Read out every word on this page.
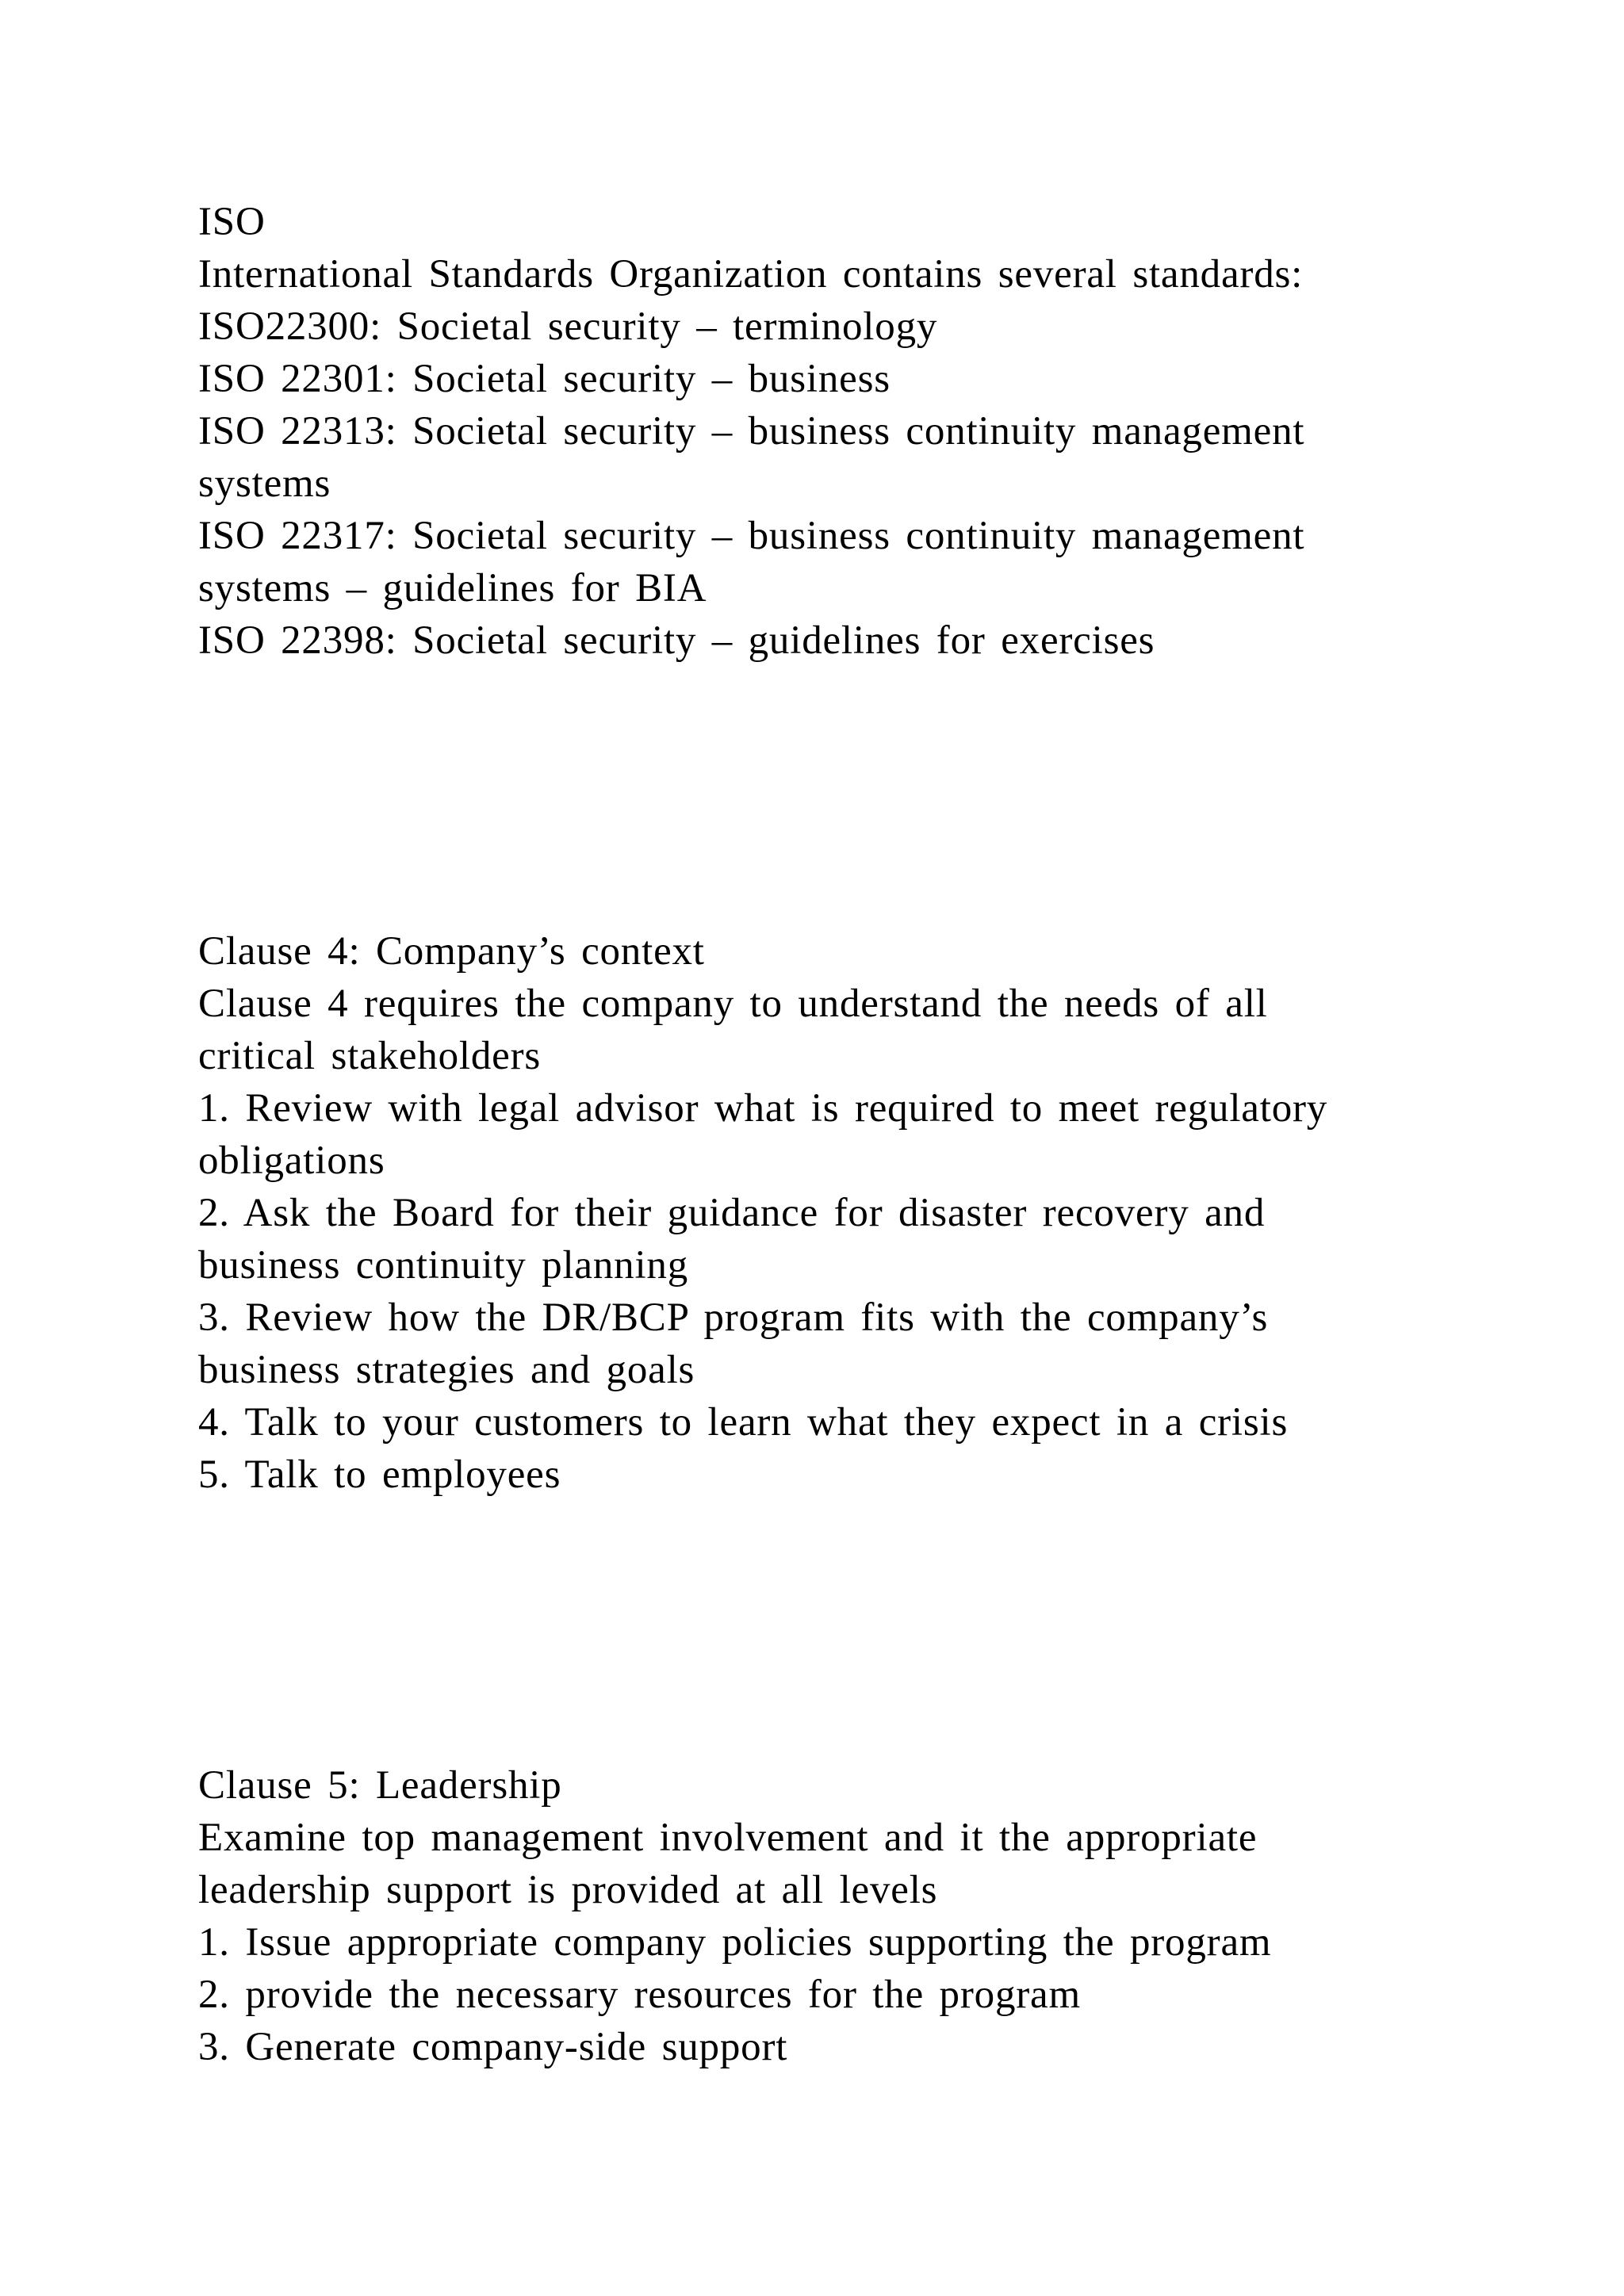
ISO
International Standards Organization contains several standards:
ISO22300: Societal security – terminology
ISO 22301: Societal security – business
ISO 22313: Societal security – business continuity management
systems
ISO 22317: Societal security – business continuity management
systems – guidelines for BIA
ISO 22398: Societal security – guidelines for exercises
Clause 4: Company’s context
Clause 4 requires the company to understand the needs of all
critical stakeholders
1. Review with legal advisor what is required to meet regulatory
obligations
2. Ask the Board for their guidance for disaster recovery and
business continuity planning
3. Review how the DR/BCP program fits with the company’s
business strategies and goals
4. Talk to your customers to learn what they expect in a crisis
5. Talk to employees
Clause 5: Leadership
Examine top management involvement and it the appropriate
leadership support is provided at all levels
1. Issue appropriate company policies supporting the program
2. provide the necessary resources for the program
3. Generate company-side support
